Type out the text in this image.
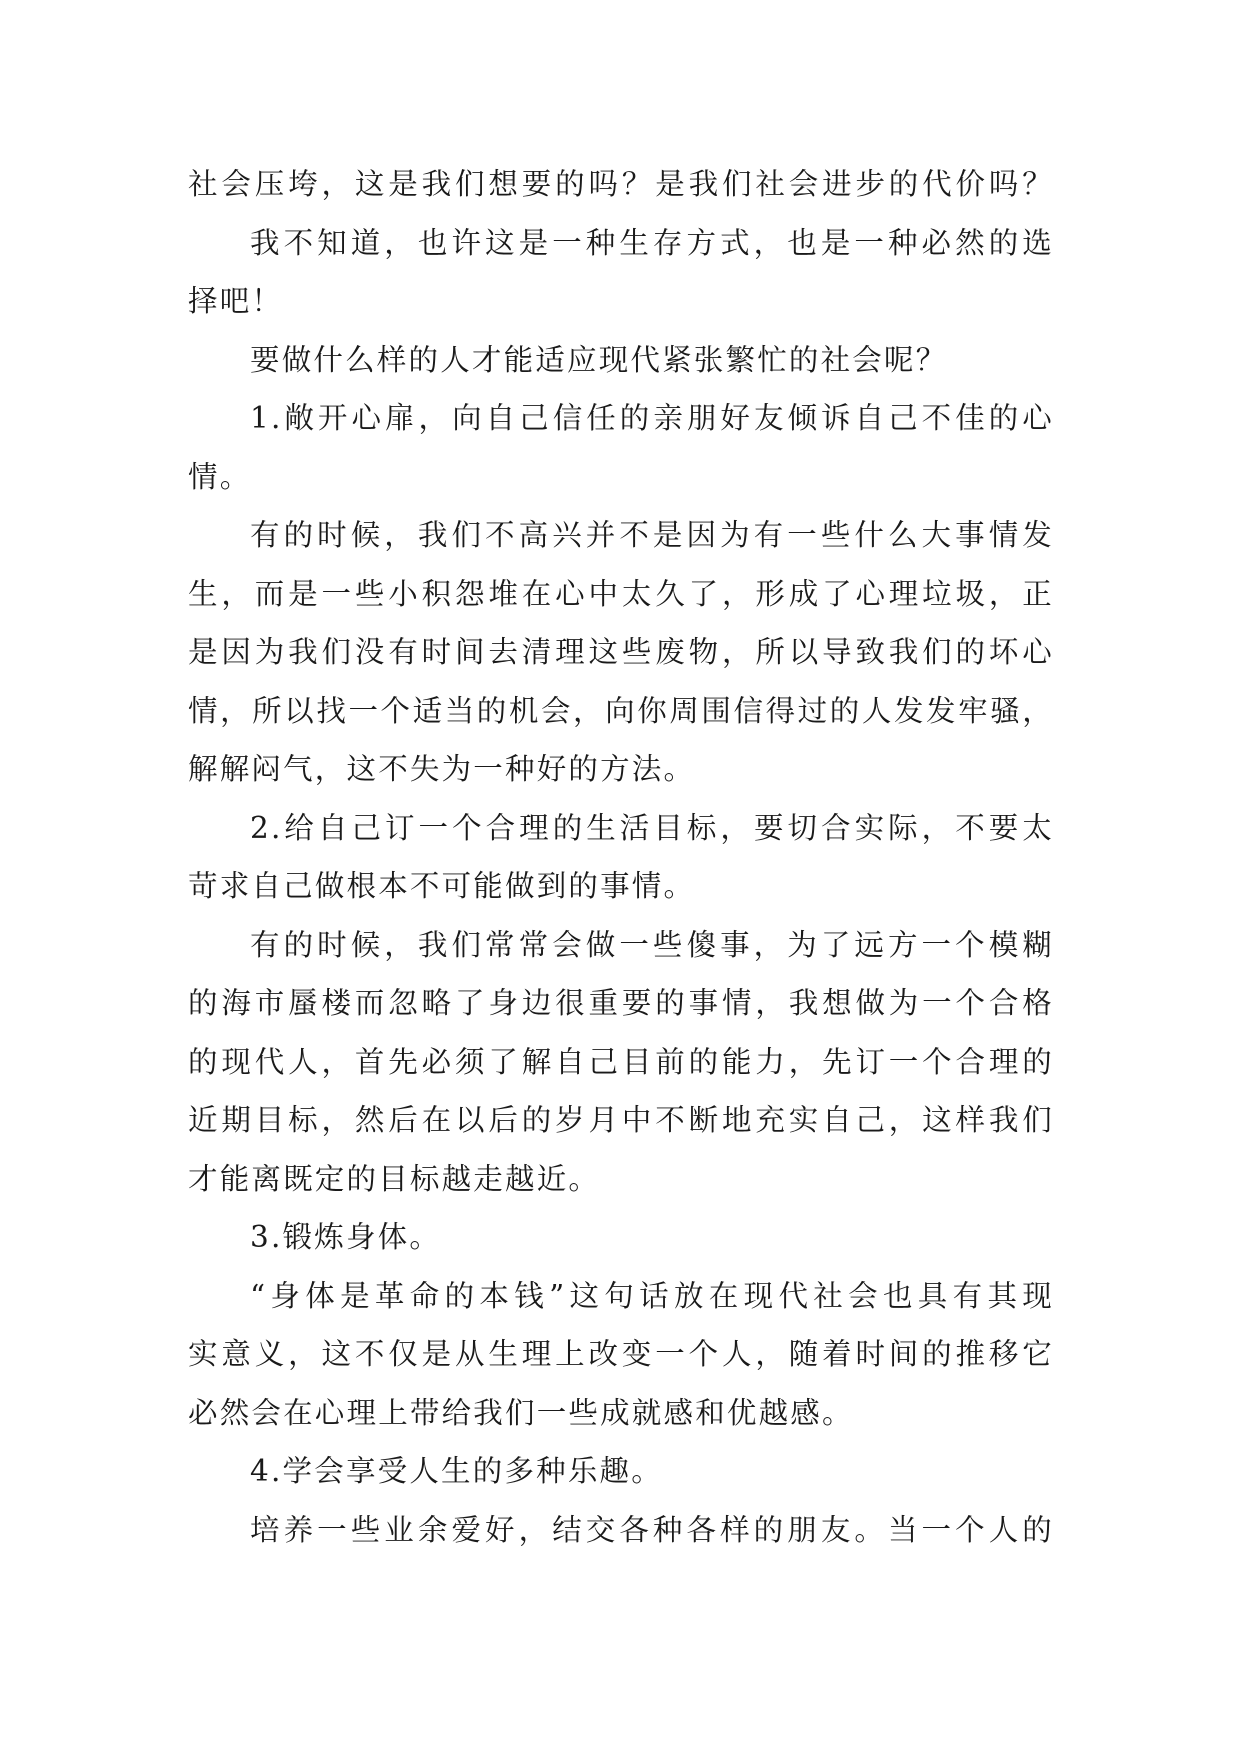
社会压垮，这是我们想要的吗？是我们社会进步的代价吗？
我不知道，也许这是一种生存方式，也是一种必然的选
择吧！
要做什么样的人才能适应现代紧张繁忙的社会呢？
1.敞开心扉，向自己信任的亲朋好友倾诉自己不佳的心
情。
有的时候，我们不高兴并不是因为有一些什么大事情发
生，而是一些小积怨堆在心中太久了，形成了心理垃圾，正
是因为我们没有时间去清理这些废物，所以导致我们的坏心
情，所以找一个适当的机会，向你周围信得过的人发发牢骚，
解解闷气，这不失为一种好的方法。
2.给自己订一个合理的生活目标，要切合实际，不要太
苛求自己做根本不可能做到的事情。
有的时候，我们常常会做一些傻事，为了远方一个模糊
的海市蜃楼而忽略了身边很重要的事情，我想做为一个合格
的现代人，首先必须了解自己目前的能力，先订一个合理的
近期目标，然后在以后的岁月中不断地充实自己，这样我们
才能离既定的目标越走越近。
3.锻炼身体。
“身体是革命的本钱”这句话放在现代社会也具有其现
实意义，这不仅是从生理上改变一个人，随着时间的推移它
必然会在心理上带给我们一些成就感和优越感。
4.学会享受人生的多种乐趣。
培养一些业余爱好，结交各种各样的朋友。当一个人的
